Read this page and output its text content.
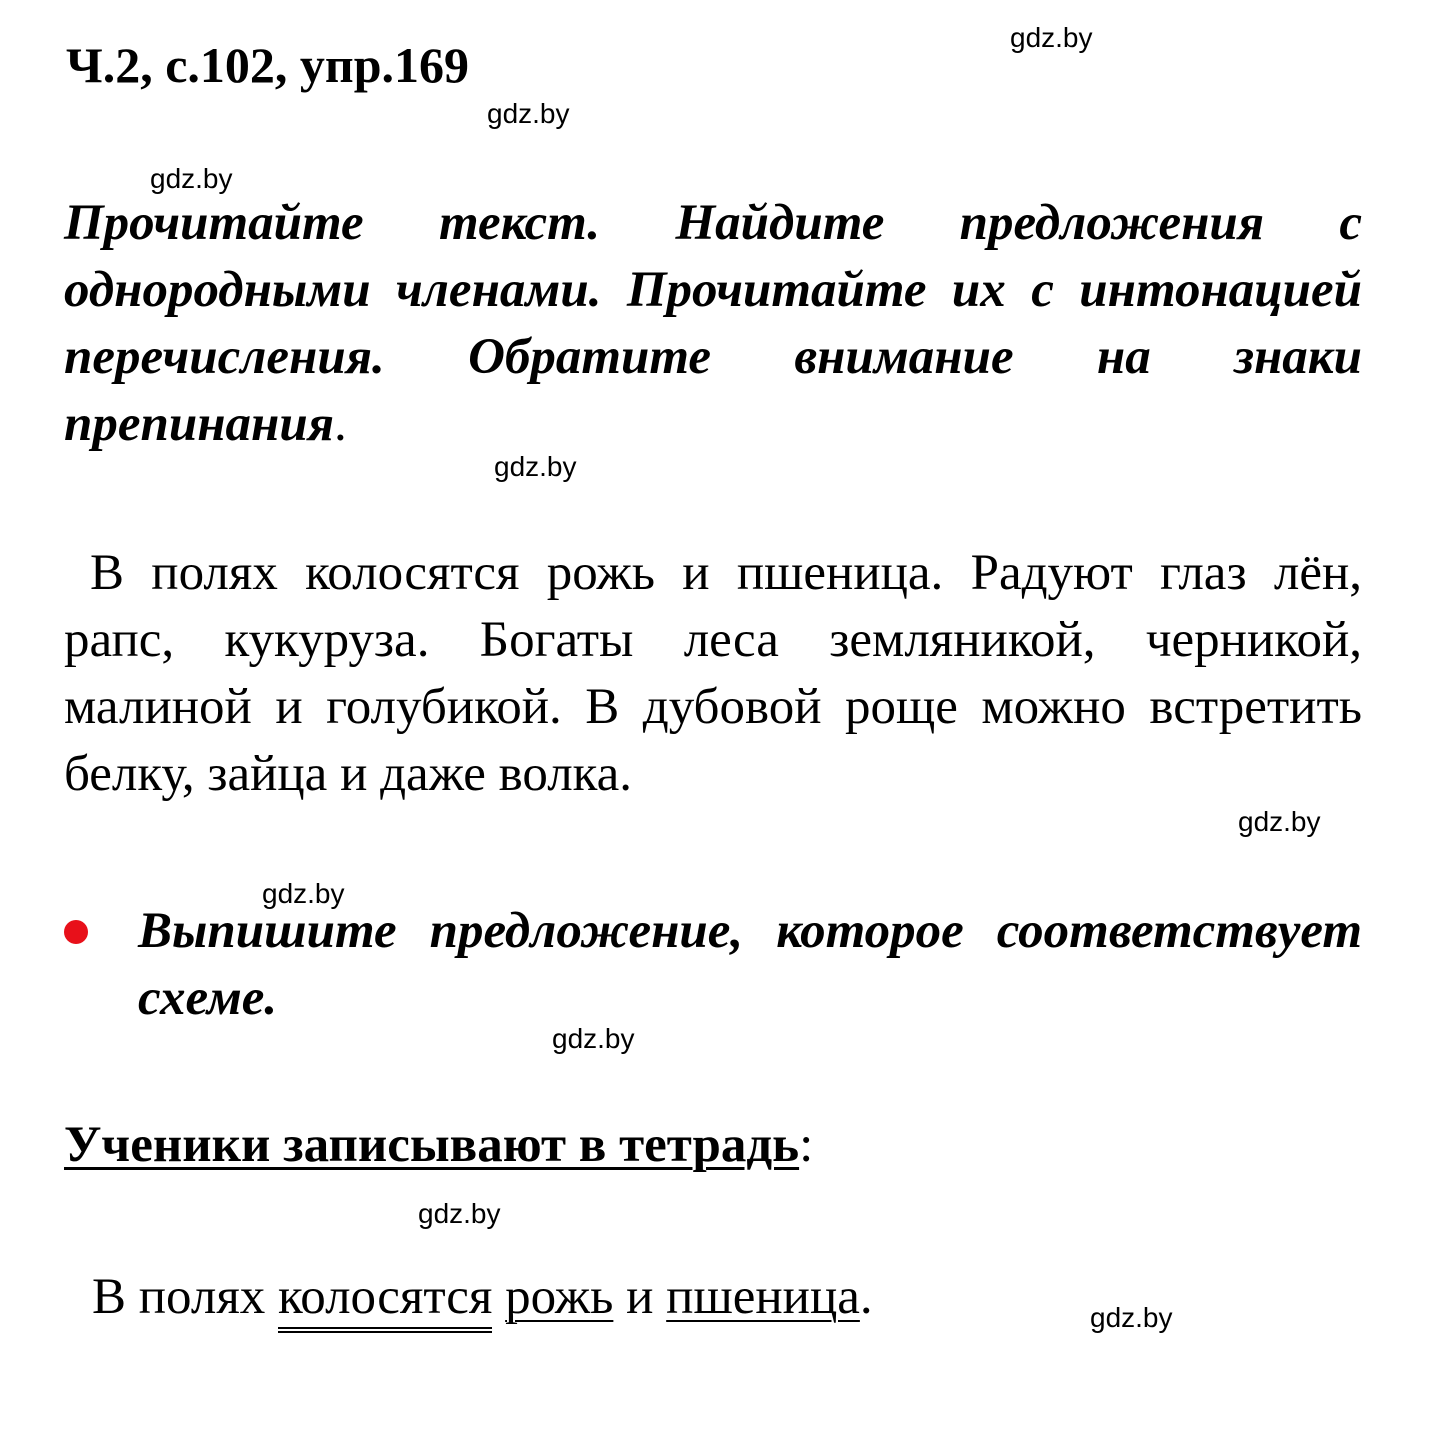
Ч.2, с.102, упр.169	gdz.by
gdz.by
gdz.by
gdz.by
gdz.by
gdz.by
gdz.by
gdz.by
gdz.by
Прочитайте текст. Найдите предложения с однородными членами. Прочитайте их с интонацией перечисления. Обратите внимание на знаки препинания.
В полях колосятся рожь и пшеница. Радуют глаз лён, рапс, кукуруза. Богаты леса земляникой, черникой, малиной и голубикой. В дубовой роще можно встретить белку, зайца и даже волка.
Выпишите предложение, которое соответствует схеме.
Ученики записывают в тетрадь:
В полях колосятся рожь и пшеница.
